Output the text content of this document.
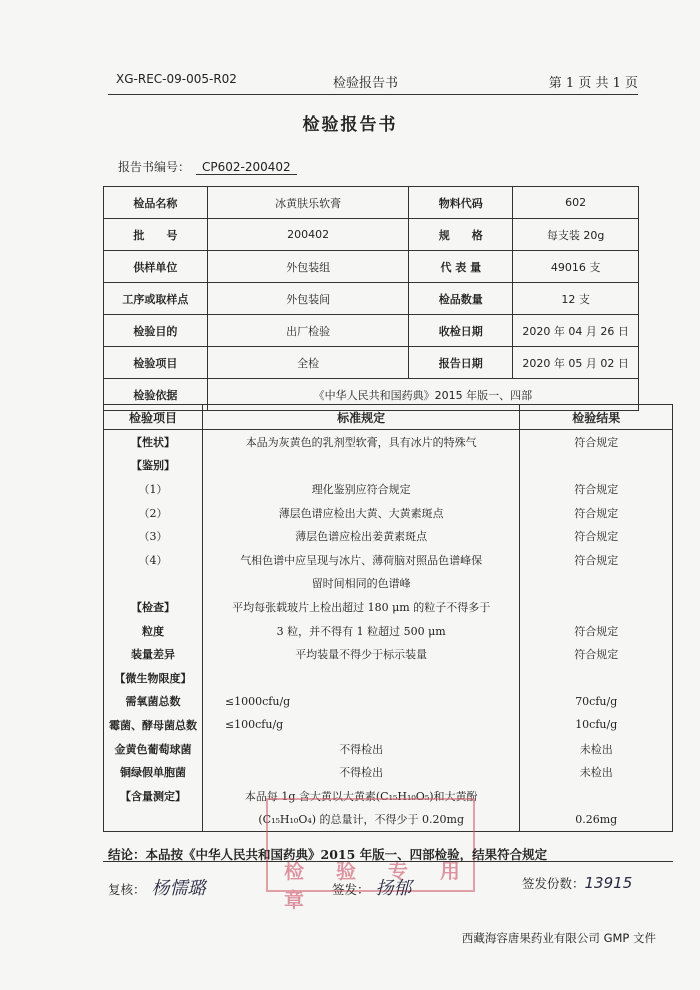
XG-REC-09-005-R02	检验报告书	第 1 页 共 1 页
检验报告书
报告书编号： CP602-200402
检品名称	冰黄肤乐软膏	物料代码	602
批　　号	200402	规　　格	每支装 20g
供样单位	外包装组	代 表 量	49016 支
工序或取样点	外包装间	检品数量	12 支
检验目的	出厂检验	收检日期	2020 年 04 月 26 日
检验项目	全检	报告日期	2020 年 05 月 02 日
检验依据	《中华人民共和国药典》2015 年版一、四部		
检验项目	标准规定	检验结果
【性状】	本品为灰黄色的乳剂型软膏，具有冰片的特殊气	符合规定
【鉴别】		
（1）	理化鉴别应符合规定	符合规定
（2）	薄层色谱应检出大黄、大黄素斑点	符合规定
（3）	薄层色谱应检出姜黄素斑点	符合规定
（4）	气相色谱中应呈现与冰片、薄荷脑对照品色谱峰保	符合规定
	留时间相同的色谱峰	
【检查】	平均每张载玻片上检出超过 180 μm 的粒子不得多于	
粒度	3 粒，并不得有 1 粒超过 500 μm	符合规定
装量差异	平均装量不得少于标示装量	符合规定
【微生物限度】		
需氧菌总数	≤1000cfu/g	70cfu/g
霉菌、酵母菌总数	≤100cfu/g	10cfu/g
金黄色葡萄球菌	不得检出	未检出
铜绿假单胞菌	不得检出	未检出
【含量测定】	本品每 1g 含大黄以大黄素(C₁₅H₁₀O₅)和大黄酚	
	(C₁₅H₁₀O₄) 的总量计，不得少于 0.20mg	0.26mg
检　验　专　用　章
结论：本品按《中华人民共和国药典》2015 年版一、四部检验，结果符合规定
复核： 杨懦璐	签发： 扬郁	签发份数：13915
西藏海容唐果药业有限公司 GMP 文件
